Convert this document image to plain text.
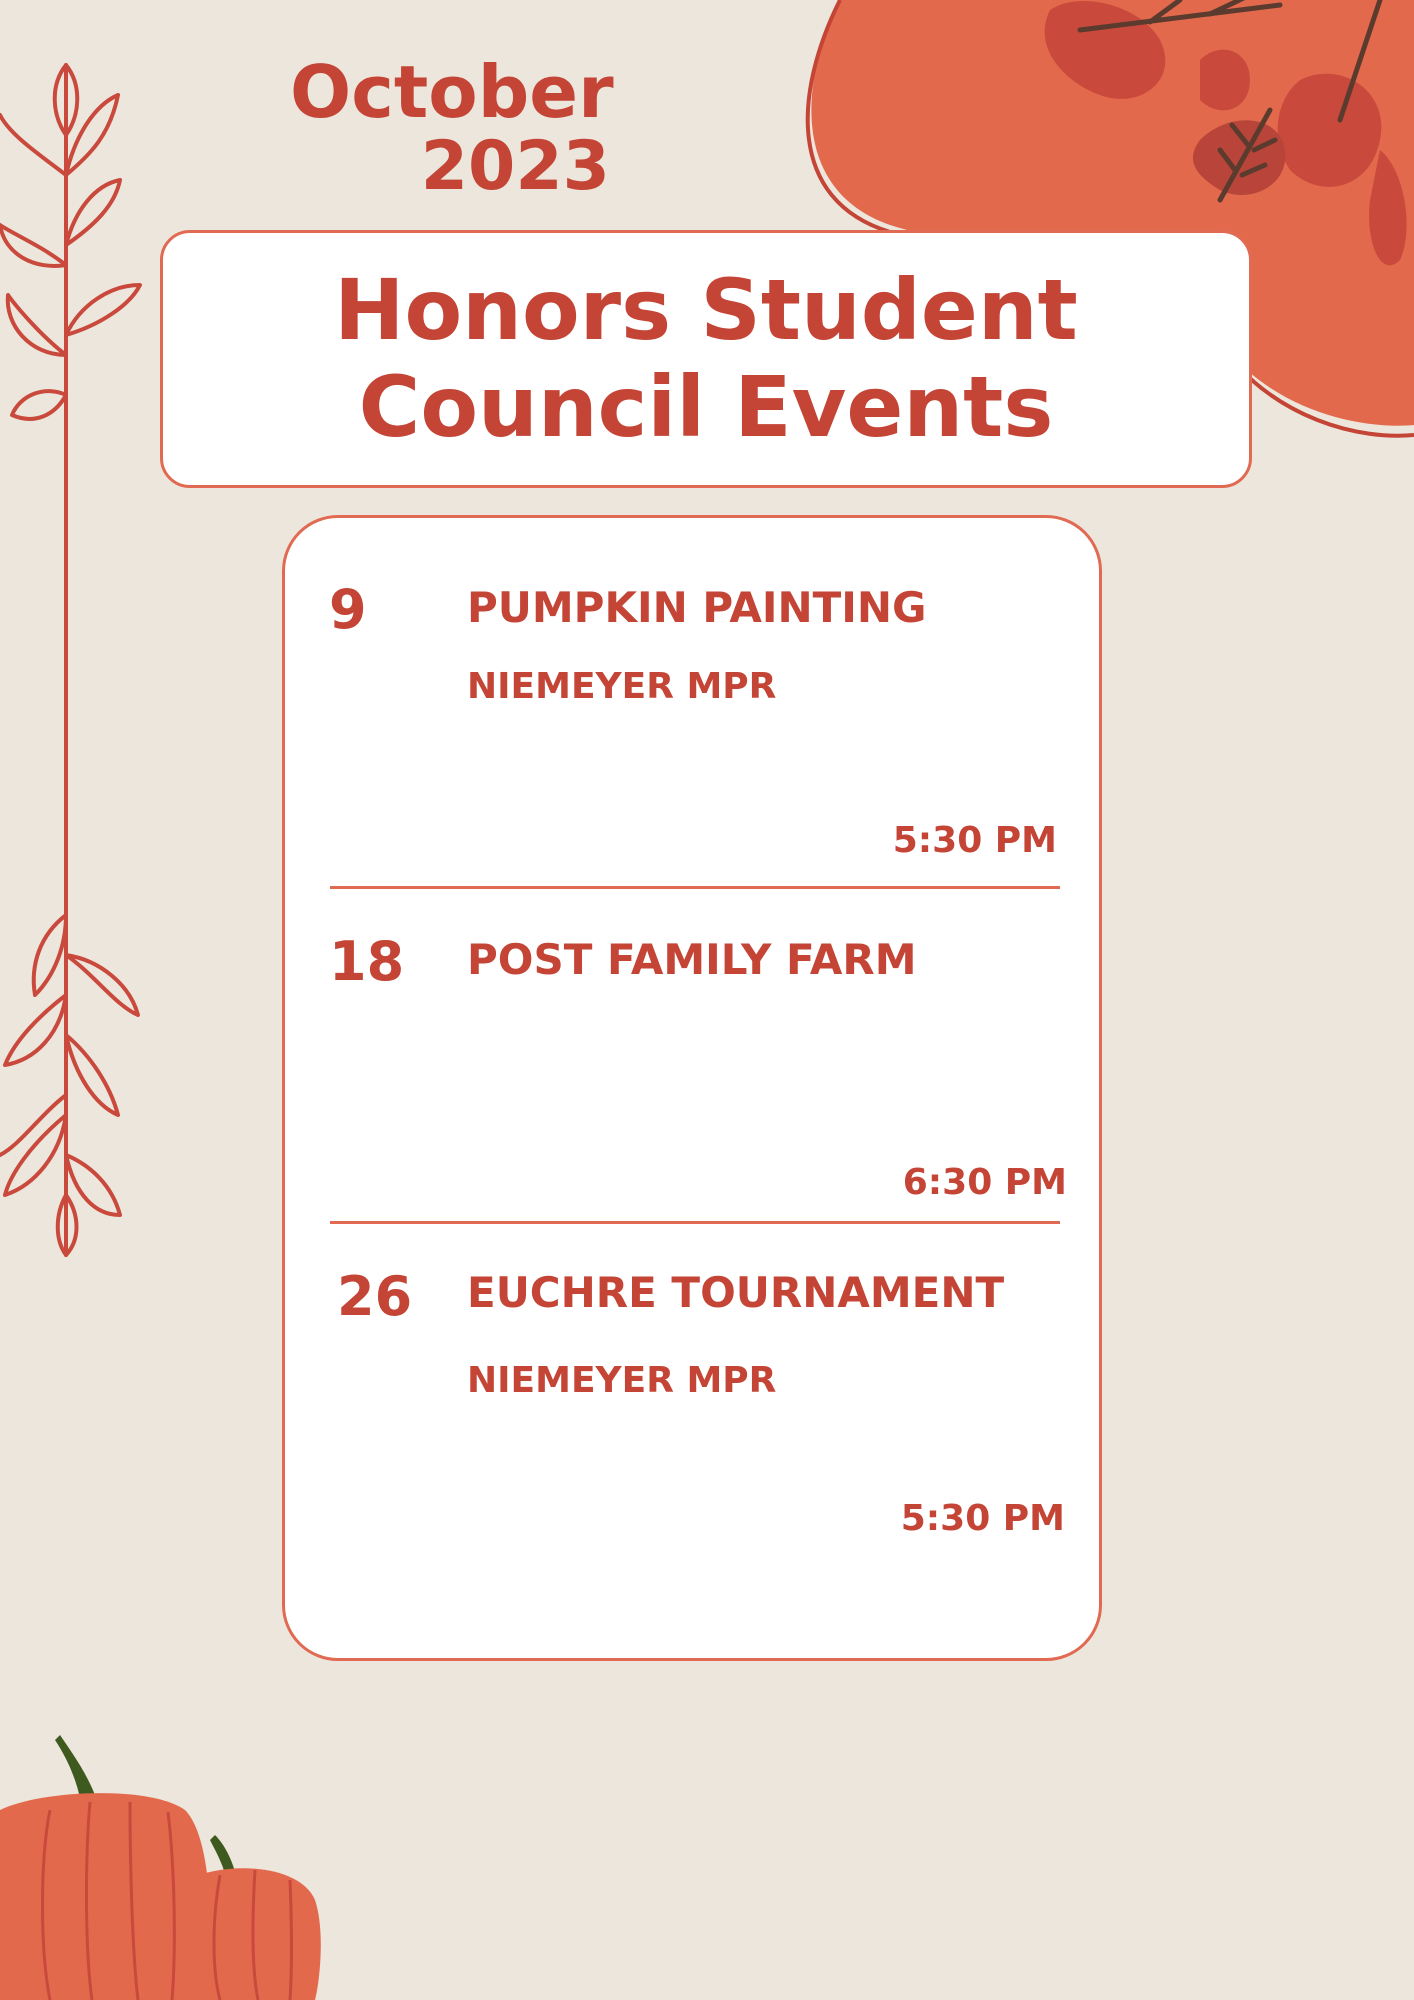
October
2023
Honors Student Council Events
9 PUMPKIN PAINTING
NIEMEYER MPR
5:30 PM
18 POST FAMILY FARM
6:30 PM
26 EUCHRE TOURNAMENT
NIEMEYER MPR
5:30 PM
